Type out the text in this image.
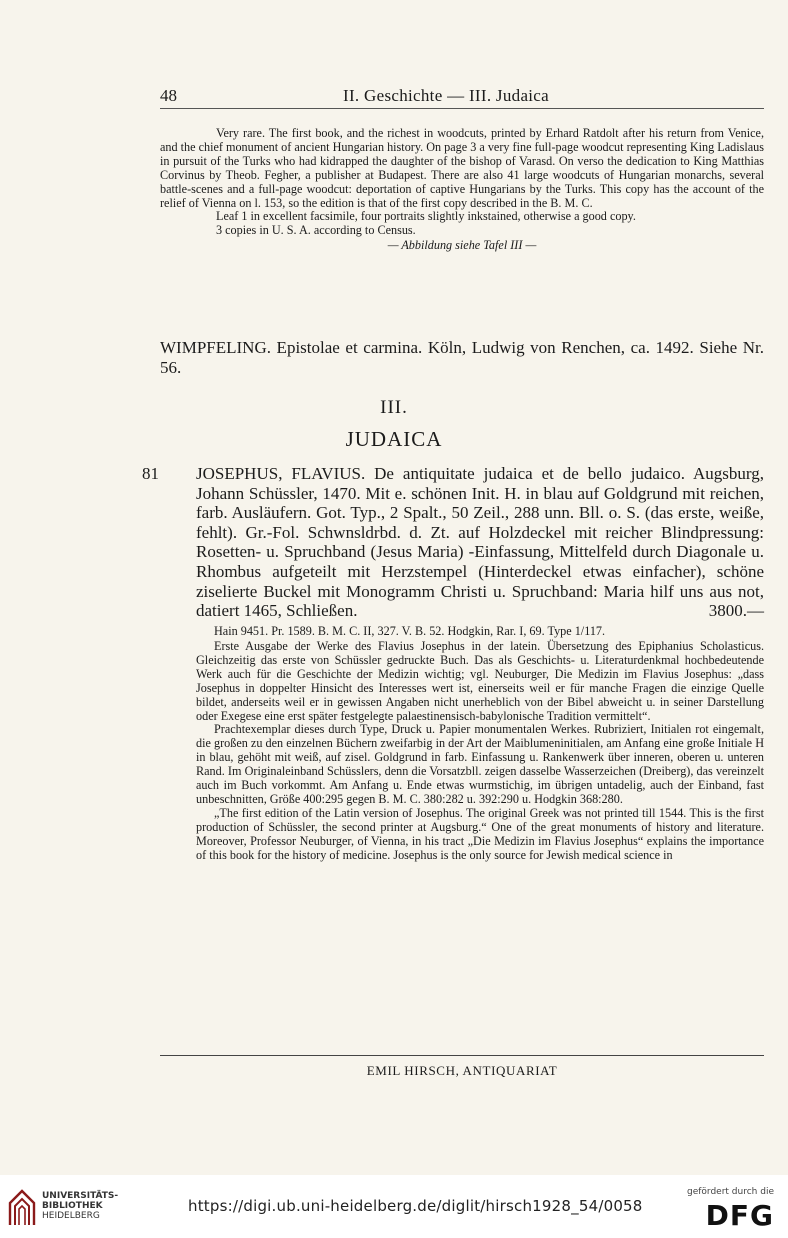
48	II. Geschichte — III. Judaica

Very rare. The first book, and the richest in woodcuts, printed by Erhard Ratdolt after his return from Venice, and the chief monument of ancient Hungarian history. On page 3 a very fine full-page woodcut representing King Ladislaus in pursuit of the Turks who had kidrapped the daughter of the bishop of Varasd. On verso the dedication to King Matthias Corvinus by Theob. Fegher, a publisher at Budapest. There are also 41 large woodcuts of Hungarian monarchs, several battle-scenes and a full-page woodcut: deportation of captive Hungarians by the Turks. This copy has the account of the relief of Vienna on l. 153, so the edition is that of the first copy described in the B. M. C.

Leaf 1 in excellent facsimile, four portraits slightly inkstained, otherwise a good copy.

3 copies in U. S. A. according to Census.

— Abbildung siehe Tafel III —

WIMPFELING. Epistolae et carmina. Köln, Ludwig von Renchen, ca. 1492. Siehe Nr. 56.

III.
JUDAICA
81 JOSEPHUS, FLAVIUS. De antiquitate judaica et de bello judaico. Augsburg, Johann Schüssler, 1470. Mit e. schönen Init. H. in blau auf Goldgrund mit reichen, farb. Ausläufern. Got. Typ., 2 Spalt., 50 Zeil., 288 unn. Bll. o. S. (das erste, weiße, fehlt). Gr.-Fol. Schwnsldrbd. d. Zt. auf Holzdeckel mit reicher Blindpressung: Rosetten- u. Spruchband (Jesus Maria) -Einfassung, Mittelfeld durch Diagonale u. Rhombus aufgeteilt mit Herzstempel (Hinterdeckel etwas einfacher), schöne ziselierte Buckel mit Monogramm Christi u. Spruchband: Maria hilf uns aus not, datiert 1465, Schließen.	3800.—

Hain 9451. Pr. 1589. B. M. C. II, 327. V. B. 52. Hodgkin, Rar. I, 69. Type 1/117.

Erste Ausgabe der Werke des Flavius Josephus in der latein. Übersetzung des Epiphanius Scholasticus. Gleichzeitig das erste von Schüssler gedruckte Buch. Das als Geschichts- u. Literaturdenkmal hochbedeutende Werk auch für die Geschichte der Medizin wichtig; vgl. Neuburger, Die Medizin im Flavius Josephus: „dass Josephus in doppelter Hinsicht des Interesses wert ist, einerseits weil er für manche Fragen die einzige Quelle bildet, anderseits weil er in gewissen Angaben nicht unerheblich von der Bibel abweicht u. in seiner Darstellung oder Exegese eine erst später festgelegte palaestinensisch-babylonische Tradition vermittelt“.

Prachtexemplar dieses durch Type, Druck u. Papier monumentalen Werkes. Rubriziert, Initialen rot eingemalt, die großen zu den einzelnen Büchern zweifarbig in der Art der Maiblumeninitialen, am Anfang eine große Initiale H in blau, gehöht mit weiß, auf zisel. Goldgrund in farb. Einfassung u. Rankenwerk über inneren, oberen u. unteren Rand. Im Originaleinband Schüsslers, denn die Vorsatzbll. zeigen dasselbe Wasserzeichen (Dreiberg), das vereinzelt auch im Buch vorkommt. Am Anfang u. Ende etwas wurmstichig, im übrigen untadelig, auch der Einband, fast unbeschnitten, Größe 400:295 gegen B. M. C. 380:282 u. 392:290 u. Hodgkin 368:280.

„The first edition of the Latin version of Josephus. The original Greek was not printed till 1544. This is the first production of Schüssler, the second printer at Augsburg.“ One of the great monuments of history and literature. Moreover, Professor Neuburger, of Vienna, in his tract „Die Medizin im Flavius Josephus“ explains the importance of this book for the history of medicine. Josephus is the only source for Jewish medical science in

EMIL HIRSCH, ANTIQUARIAT
UNIVERSITÄTS-
BIBLIOTHEK
HEIDELBERG
https://digi.ub.uni-heidelberg.de/diglit/hirsch1928_54/0058
gefördert durch die
DFG
